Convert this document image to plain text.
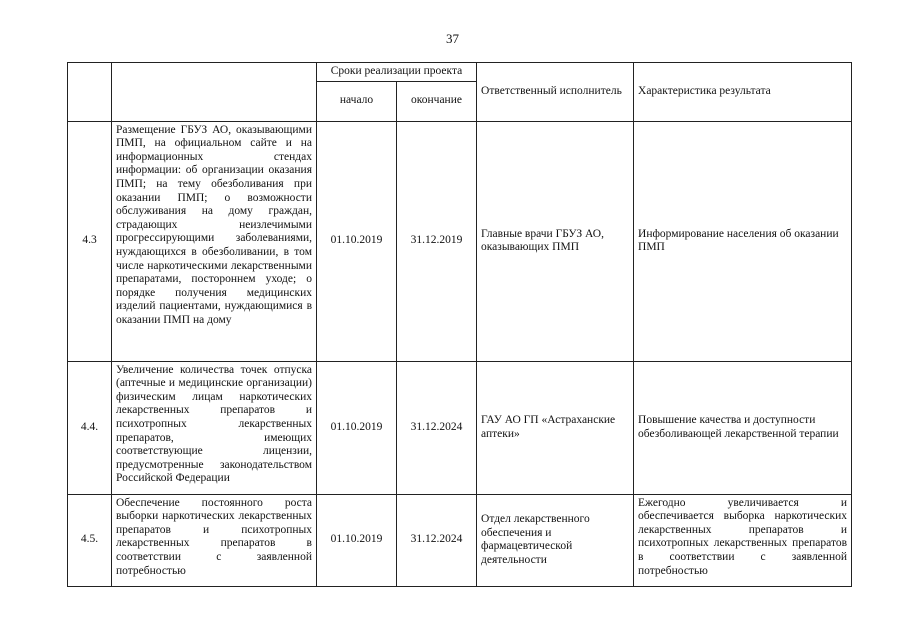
37
		Сроки реализации проекта		Ответственный исполнитель	Характеристика результата
		начало	окончание		
4.3	Размещение ГБУЗ АО, оказывающими ПМП, на официальном сайте и на информационных стендах информации: об организации оказания ПМП; на тему обезболивания при оказании ПМП; о возможности обслуживания на дому граждан, страдающих неизлечимыми прогрессирующими заболеваниями, нуждающихся в обезболивании, в том числе наркотическими лекарственными препаратами, постороннем уходе; о порядке получения медицинских изделий пациентами, нуждающимися в оказании ПМП на дому	01.10.2019	31.12.2019	Главные врачи ГБУЗ АО, оказывающих ПМП	Информирование населения об оказании ПМП
4.4.	Увеличение количества точек отпуска (аптечные и медицинские организации) физическим лицам наркотических лекарственных препаратов и психотропных лекарственных препаратов, имеющих соответствующие лицензии, предусмотренные законодательством Российской Федерации	01.10.2019	31.12.2024	ГАУ АО ГП «Астраханские аптеки»	Повышение качества и доступности обезболивающей лекарственной терапии
4.5.	Обеспечение постоянного роста выборки наркотических лекарственных препаратов и психотропных лекарственных препаратов в соответствии с заявленной потребностью	01.10.2019	31.12.2024	Отдел лекарственного обеспечения и фармацевтической деятельности	Ежегодно увеличивается и обеспечивается выборка наркотических лекарственных препаратов и психотропных лекарственных препаратов в соответствии с заявленной потребностью
